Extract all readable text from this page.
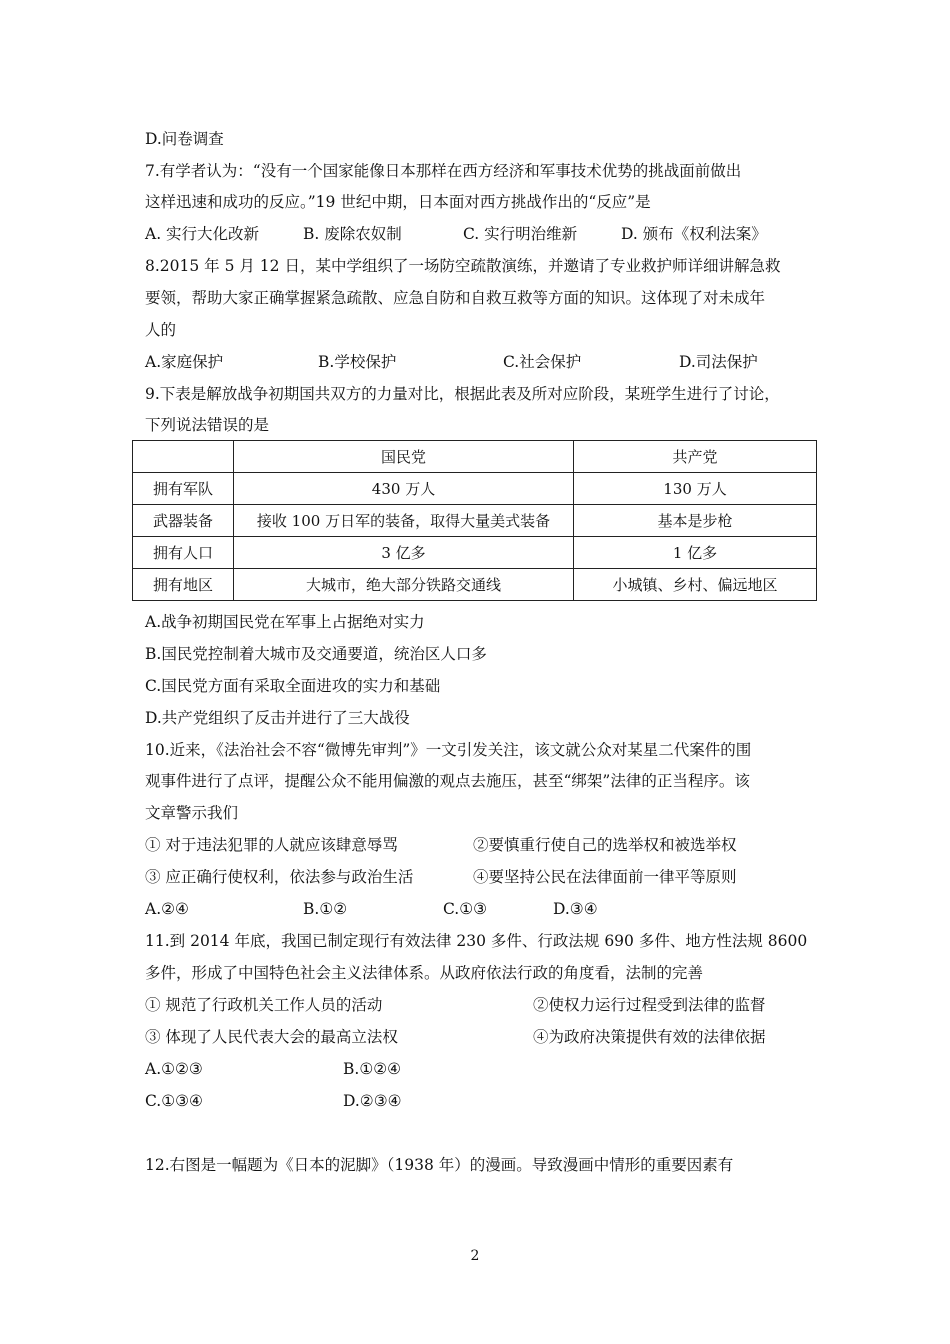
D.问卷调查
7.有学者认为：“没有一个国家能像日本那样在西方经济和军事技术优势的挑战面前做出
这样迅速和成功的反应。”19 世纪中期，日本面对西方挑战作出的“反应”是
A. 实行大化改新	B. 废除农奴制	C. 实行明治维新	D. 颁布《权利法案》
8.2015 年 5 月 12 日，某中学组织了一场防空疏散演练，并邀请了专业救护师详细讲解急救
要领，帮助大家正确掌握紧急疏散、应急自防和自救互救等方面的知识。这体现了对未成年
人的
A.家庭保护	B.学校保护	C.社会保护	D.司法保护
9.下表是解放战争初期国共双方的力量对比，根据此表及所对应阶段，某班学生进行了讨论，
下列说法错误的是
	国民党	共产党
拥有军队	430 万人	130 万人
武器装备	接收 100 万日军的装备，取得大量美式装备	基本是步枪
拥有人口	3 亿多	1 亿多
拥有地区	大城市，绝大部分铁路交通线	小城镇、乡村、偏远地区
A.战争初期国民党在军事上占据绝对实力
B.国民党控制着大城市及交通要道，统治区人口多
C.国民党方面有采取全面进攻的实力和基础
D.共产党组织了反击并进行了三大战役
10.近来，《法治社会不容“微博先审判”》一文引发关注，该文就公众对某星二代案件的围
观事件进行了点评，提醒公众不能用偏激的观点去施压，甚至“绑架”法律的正当程序。该
文章警示我们
① 对于违法犯罪的人就应该肆意辱骂	②要慎重行使自己的选举权和被选举权
③ 应正确行使权利，依法参与政治生活	④要坚持公民在法律面前一律平等原则
A.②④	B.①②	C.①③	D.③④
11.到 2014 年底，我国已制定现行有效法律 230 多件、行政法规 690 多件、地方性法规 8600
多件，形成了中国特色社会主义法律体系。从政府依法行政的角度看，法制的完善
① 规范了行政机关工作人员的活动	②使权力运行过程受到法律的监督
③ 体现了人民代表大会的最高立法权	④为政府决策提供有效的法律依据
A.①②③	B.①②④
C.①③④	D.②③④
12.右图是一幅题为《日本的泥脚》（1938 年）的漫画。导致漫画中情形的重要因素有
2
